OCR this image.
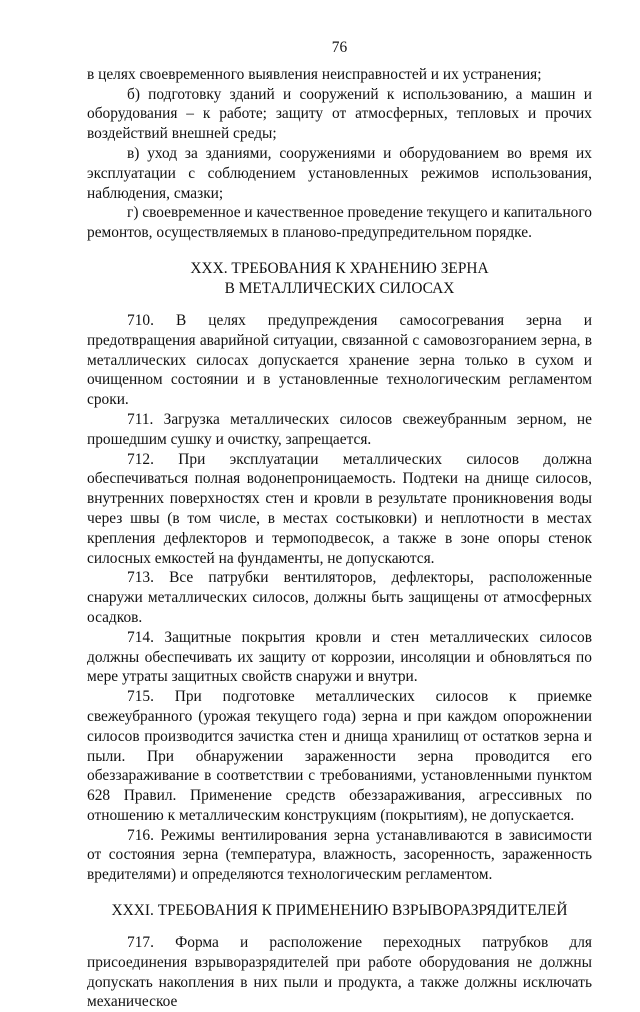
76

в целях своевременного выявления неисправностей и их устранения;

б) подготовку зданий и сооружений к использованию, а машин и оборудования – к работе; защиту от атмосферных, тепловых и прочих воздействий внешней среды;

в) уход за зданиями, сооружениями и оборудованием во время их эксплуатации с соблюдением установленных режимов использования, наблюдения, смазки;

г) своевременное и качественное проведение текущего и капитального ремонтов, осуществляемых в планово-предупредительном порядке.

XXX. ТРЕБОВАНИЯ К ХРАНЕНИЮ ЗЕРНА
В МЕТАЛЛИЧЕСКИХ СИЛОСАХ

710. В целях предупреждения самосогревания зерна и предотвращения аварийной ситуации, связанной с самовозгоранием зерна, в металлических силосах допускается хранение зерна только в сухом и очищенном состоянии и в установленные технологическим регламентом сроки.

711. Загрузка металлических силосов свежеубранным зерном, не прошедшим сушку и очистку, запрещается.

712. При эксплуатации металлических силосов должна обеспечиваться полная водонепроницаемость. Подтеки на днище силосов, внутренних поверхностях стен и кровли в результате проникновения воды через швы (в том числе, в местах состыковки) и неплотности в местах крепления дефлекторов и термоподвесок, а также в зоне опоры стенок силосных емкостей на фундаменты, не допускаются.

713. Все патрубки вентиляторов, дефлекторы, расположенные снаружи металлических силосов, должны быть защищены от атмосферных осадков.

714. Защитные покрытия кровли и стен металлических силосов должны обеспечивать их защиту от коррозии, инсоляции и обновляться по мере утраты защитных свойств снаружи и внутри.

715. При подготовке металлических силосов к приемке свежеубранного (урожая текущего года) зерна и при каждом опорожнении силосов производится зачистка стен и днища хранилищ от остатков зерна и пыли. При обнаружении зараженности зерна проводится его обеззараживание в соответствии с требованиями, установленными пунктом 628 Правил. Применение средств обеззараживания, агрессивных по отношению к металлическим конструкциям (покрытиям), не допускается.

716. Режимы вентилирования зерна устанавливаются в зависимости от состояния зерна (температура, влажность, засоренность, зараженность вредителями) и определяются технологическим регламентом.

XXXI. ТРЕБОВАНИЯ К ПРИМЕНЕНИЮ ВЗРЫВОРАЗРЯДИТЕЛЕЙ

717. Форма и расположение переходных патрубков для присоединения взрыворазрядителей при работе оборудования не должны допускать накопления в них пыли и продукта, а также должны исключать механическое
